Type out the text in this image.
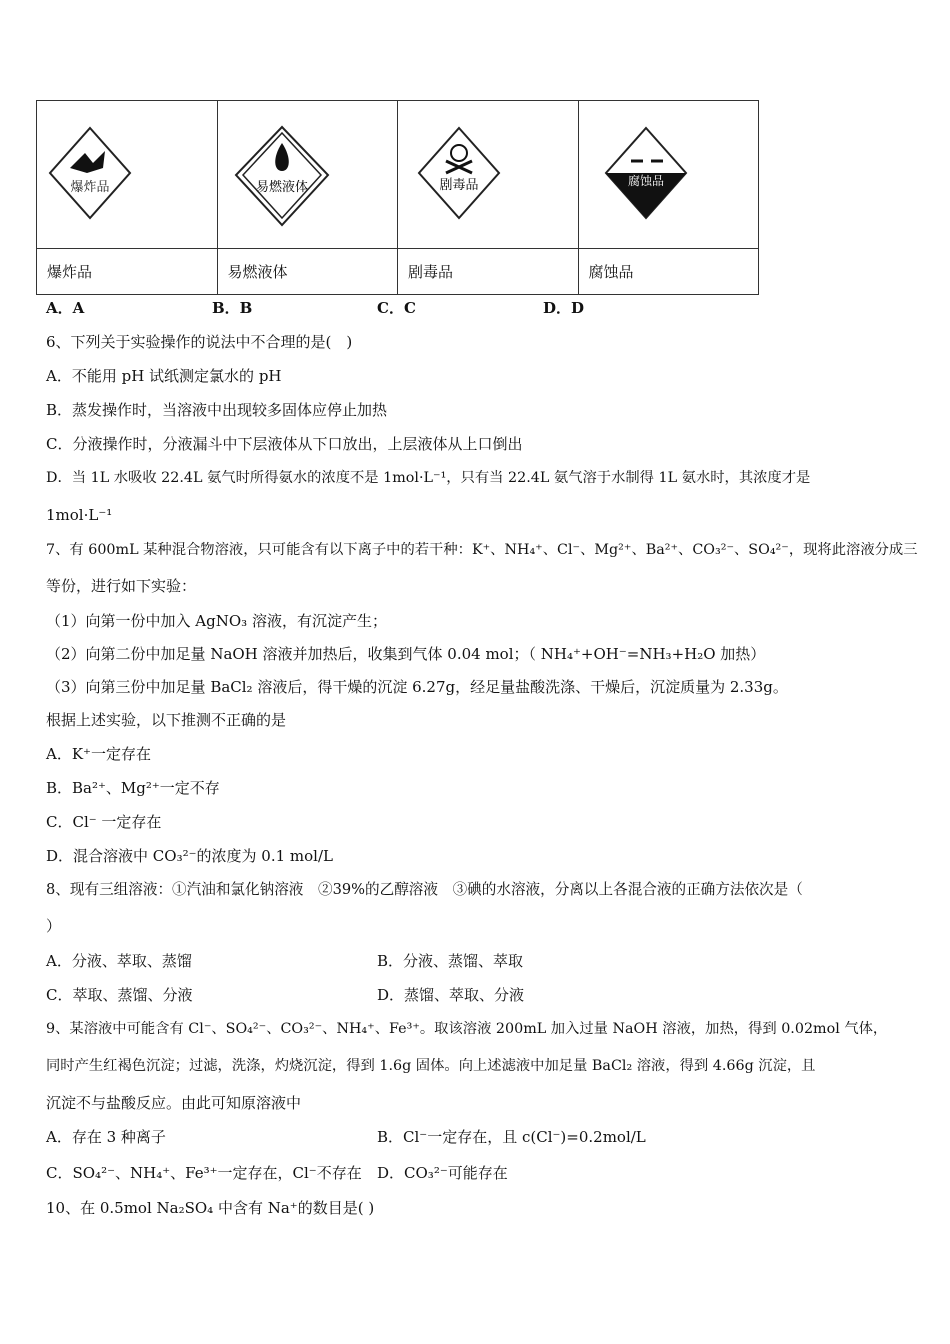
爆炸品	易燃液体	剧毒品	腐蚀品

爆炸品	易燃液体	剧毒品	腐蚀品
A．A	B．B	C．C	D．D
6、下列关于实验操作的说法中不合理的是(　)
A．不能用 pH 试纸测定氯水的 pH
B．蒸发操作时，当溶液中出现较多固体应停止加热
C．分液操作时，分液漏斗中下层液体从下口放出，上层液体从上口倒出
D．当 1L 水吸收 22.4L 氨气时所得氨水的浓度不是 1mol·L⁻¹，只有当 22.4L 氨气溶于水制得 1L 氨水时，其浓度才是
1mol·L⁻¹
7、有 600mL 某种混合物溶液，只可能含有以下离子中的若干种：K⁺、NH₄⁺、Cl⁻、Mg²⁺、Ba²⁺、CO₃²⁻、SO₄²⁻，现将此溶液分成三
等份，进行如下实验：
（1）向第一份中加入 AgNO₃ 溶液，有沉淀产生；
（2）向第二份中加足量 NaOH 溶液并加热后，收集到气体 0.04 mol；（ NH₄⁺+OH⁻=NH₃+H₂O 加热）
（3）向第三份中加足量 BaCl₂ 溶液后，得干燥的沉淀 6.27g，经足量盐酸洗涤、干燥后，沉淀质量为 2.33g。
根据上述实验，以下推测不正确的是
A．K⁺一定存在
B．Ba²⁺、Mg²⁺一定不存
C．Cl⁻ 一定存在
D．混合溶液中 CO₃²⁻的浓度为 0.1 mol/L
8、现有三组溶液：①汽油和氯化钠溶液　②39%的乙醇溶液　③碘的水溶液，分离以上各混合液的正确方法依次是（
）
A．分液、萃取、蒸馏	B．分液、蒸馏、萃取
C．萃取、蒸馏、分液	D．蒸馏、萃取、分液
9、某溶液中可能含有 Cl⁻、SO₄²⁻、CO₃²⁻、NH₄⁺、Fe³⁺。取该溶液 200mL 加入过量 NaOH 溶液，加热，得到 0.02mol 气体，
同时产生红褐色沉淀；过滤，洗涤，灼烧沉淀，得到 1.6g 固体。向上述滤液中加足量 BaCl₂ 溶液，得到 4.66g 沉淀，且
沉淀不与盐酸反应。由此可知原溶液中
A．存在 3 种离子	B．Cl⁻一定存在，且 c(Cl⁻)=0.2mol/L
C．SO₄²⁻、NH₄⁺、Fe³⁺一定存在，Cl⁻不存在 D．CO₃²⁻可能存在
10、在 0.5mol Na₂SO₄ 中含有 Na⁺的数目是( )
